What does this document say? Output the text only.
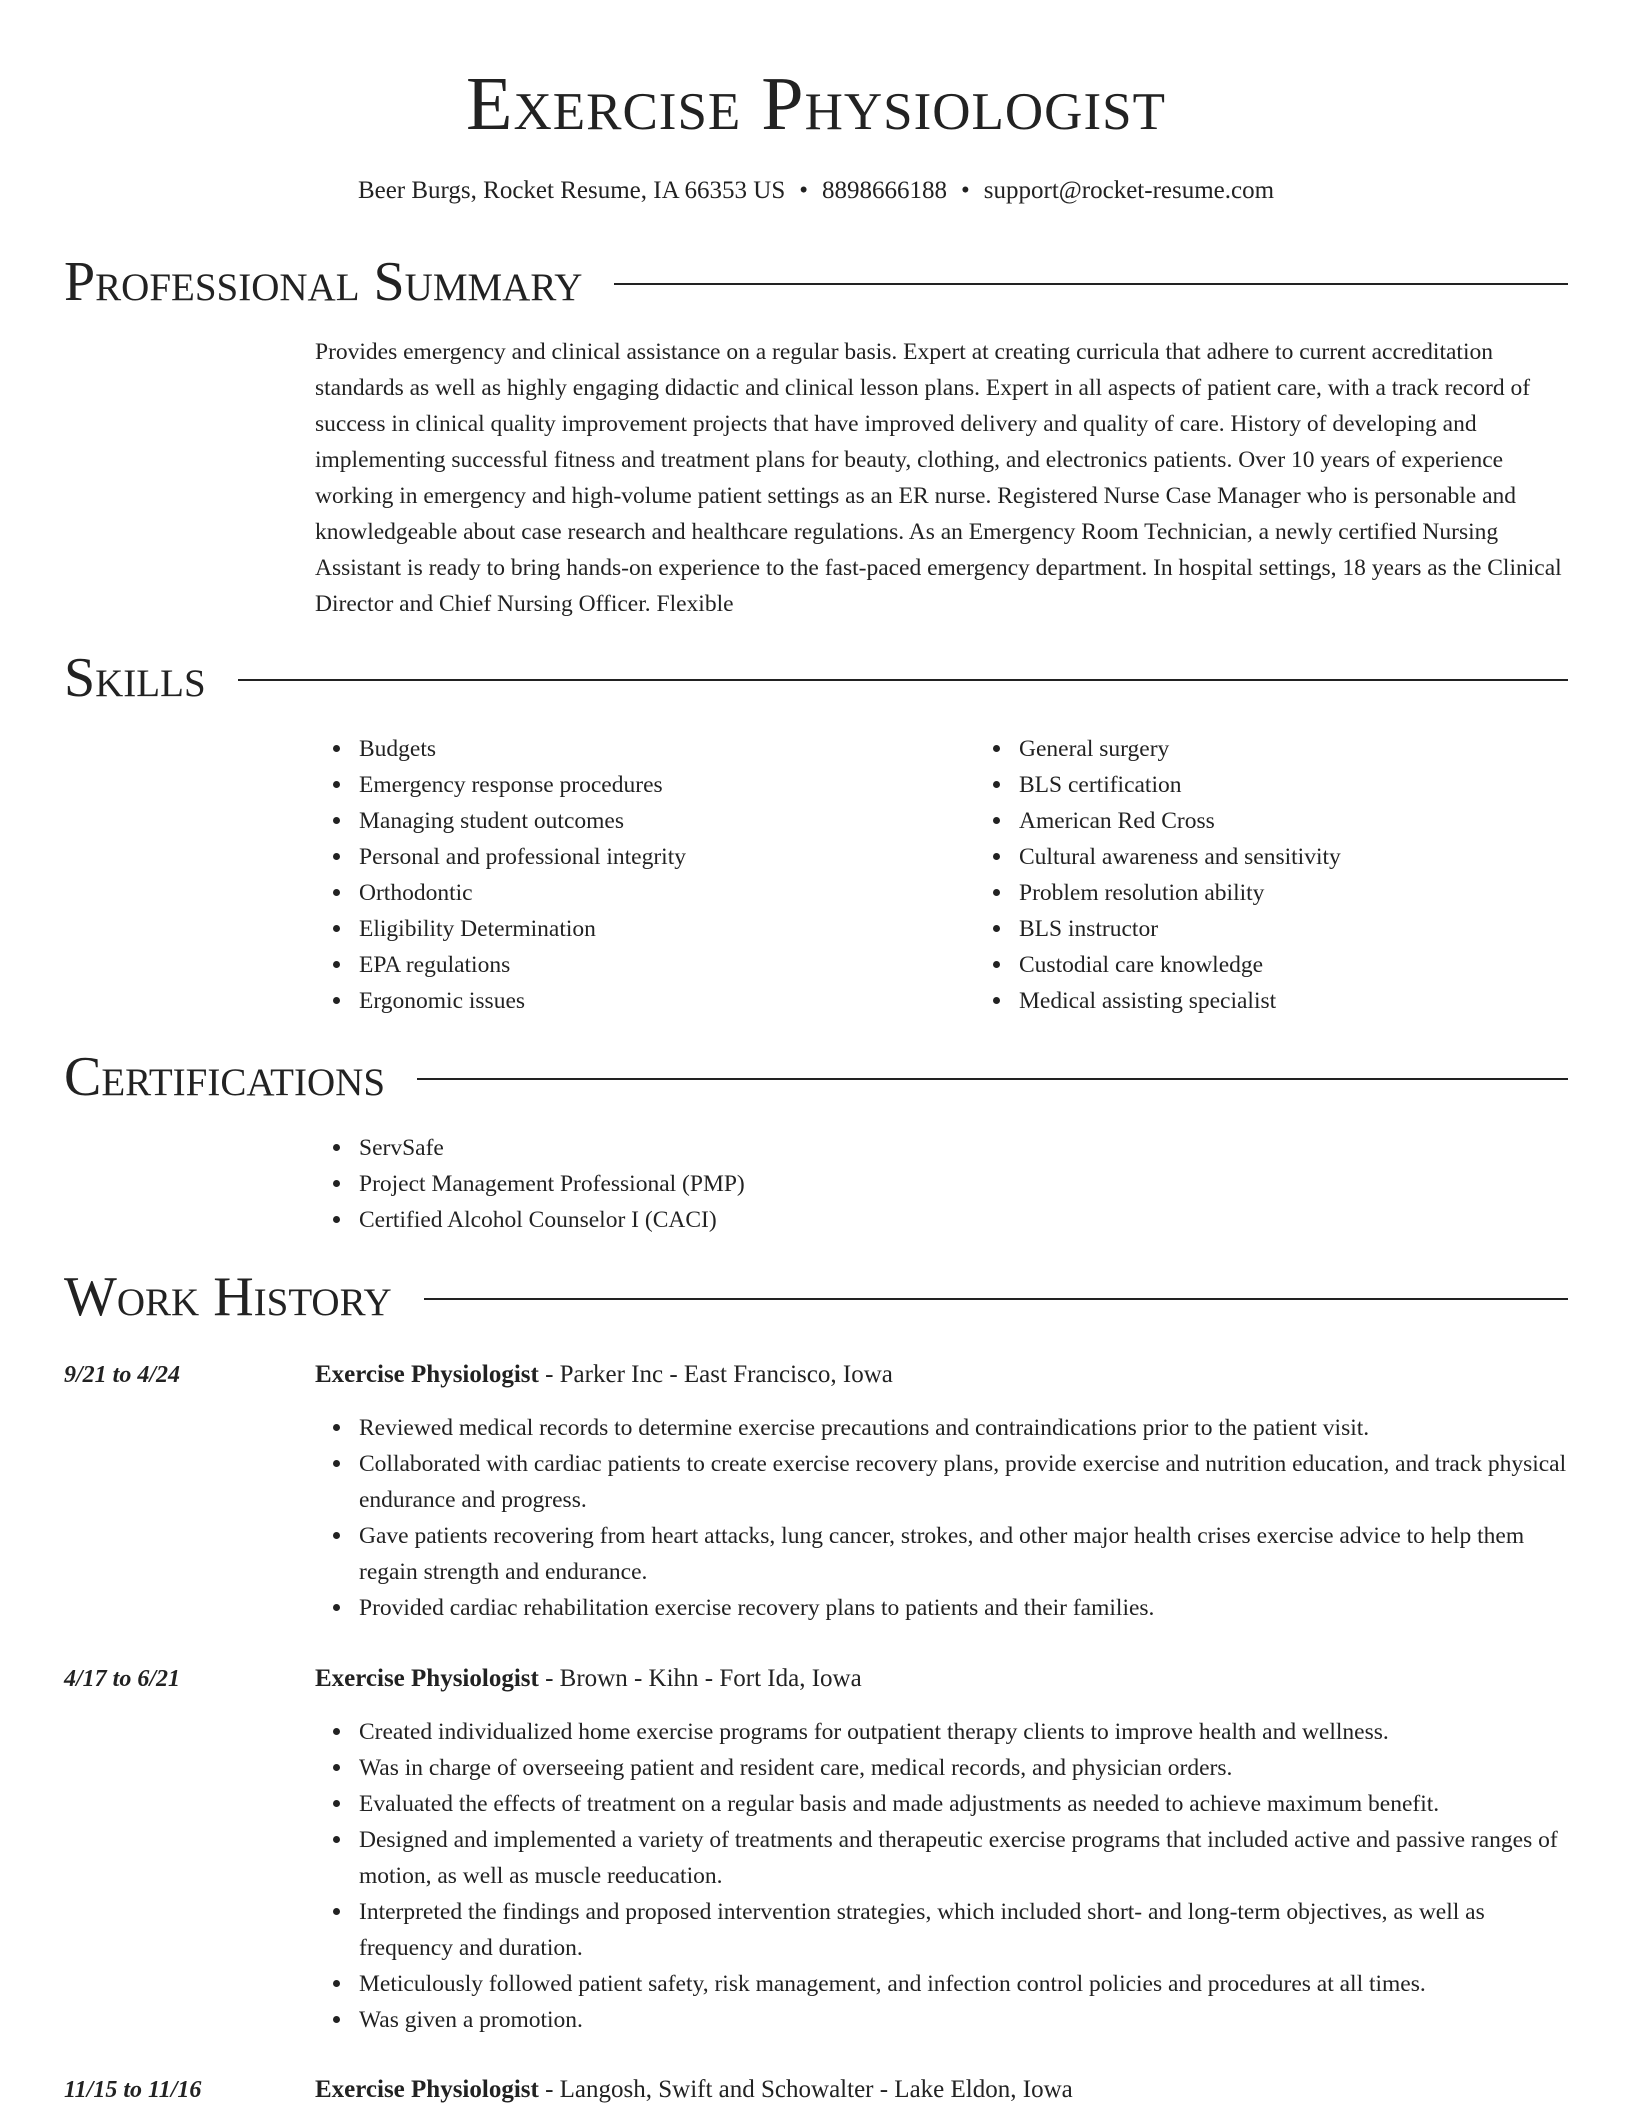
Exercise Physiologist
Beer Burgs, Rocket Resume, IA 66353 US • 8898666188 • support@rocket-resume.com
Professional Summary
Provides emergency and clinical assistance on a regular basis. Expert at creating curricula that adhere to current accreditation standards as well as highly engaging didactic and clinical lesson plans. Expert in all aspects of patient care, with a track record of success in clinical quality improvement projects that have improved delivery and quality of care. History of developing and implementing successful fitness and treatment plans for beauty, clothing, and electronics patients. Over 10 years of experience working in emergency and high-volume patient settings as an ER nurse. Registered Nurse Case Manager who is personable and knowledgeable about case research and healthcare regulations. As an Emergency Room Technician, a newly certified Nursing Assistant is ready to bring hands-on experience to the fast-paced emergency department. In hospital settings, 18 years as the Clinical Director and Chief Nursing Officer. Flexible
Skills
Budgets
Emergency response procedures
Managing student outcomes
Personal and professional integrity
Orthodontic
Eligibility Determination
EPA regulations
Ergonomic issues
General surgery
BLS certification
American Red Cross
Cultural awareness and sensitivity
Problem resolution ability
BLS instructor
Custodial care knowledge
Medical assisting specialist
Certifications
ServSafe
Project Management Professional (PMP)
Certified Alcohol Counselor I (CACI)
Work History
9/21 to 4/24	Exercise Physiologist - Parker Inc - East Francisco, Iowa
Reviewed medical records to determine exercise precautions and contraindications prior to the patient visit.
Collaborated with cardiac patients to create exercise recovery plans, provide exercise and nutrition education, and track physical endurance and progress.
Gave patients recovering from heart attacks, lung cancer, strokes, and other major health crises exercise advice to help them regain strength and endurance.
Provided cardiac rehabilitation exercise recovery plans to patients and their families.
4/17 to 6/21	Exercise Physiologist - Brown - Kihn - Fort Ida, Iowa
Created individualized home exercise programs for outpatient therapy clients to improve health and wellness.
Was in charge of overseeing patient and resident care, medical records, and physician orders.
Evaluated the effects of treatment on a regular basis and made adjustments as needed to achieve maximum benefit.
Designed and implemented a variety of treatments and therapeutic exercise programs that included active and passive ranges of motion, as well as muscle reeducation.
Interpreted the findings and proposed intervention strategies, which included short- and long-term objectives, as well as frequency and duration.
Meticulously followed patient safety, risk management, and infection control policies and procedures at all times.
Was given a promotion.
11/15 to 11/16	Exercise Physiologist - Langosh, Swift and Schowalter - Lake Eldon, Iowa
